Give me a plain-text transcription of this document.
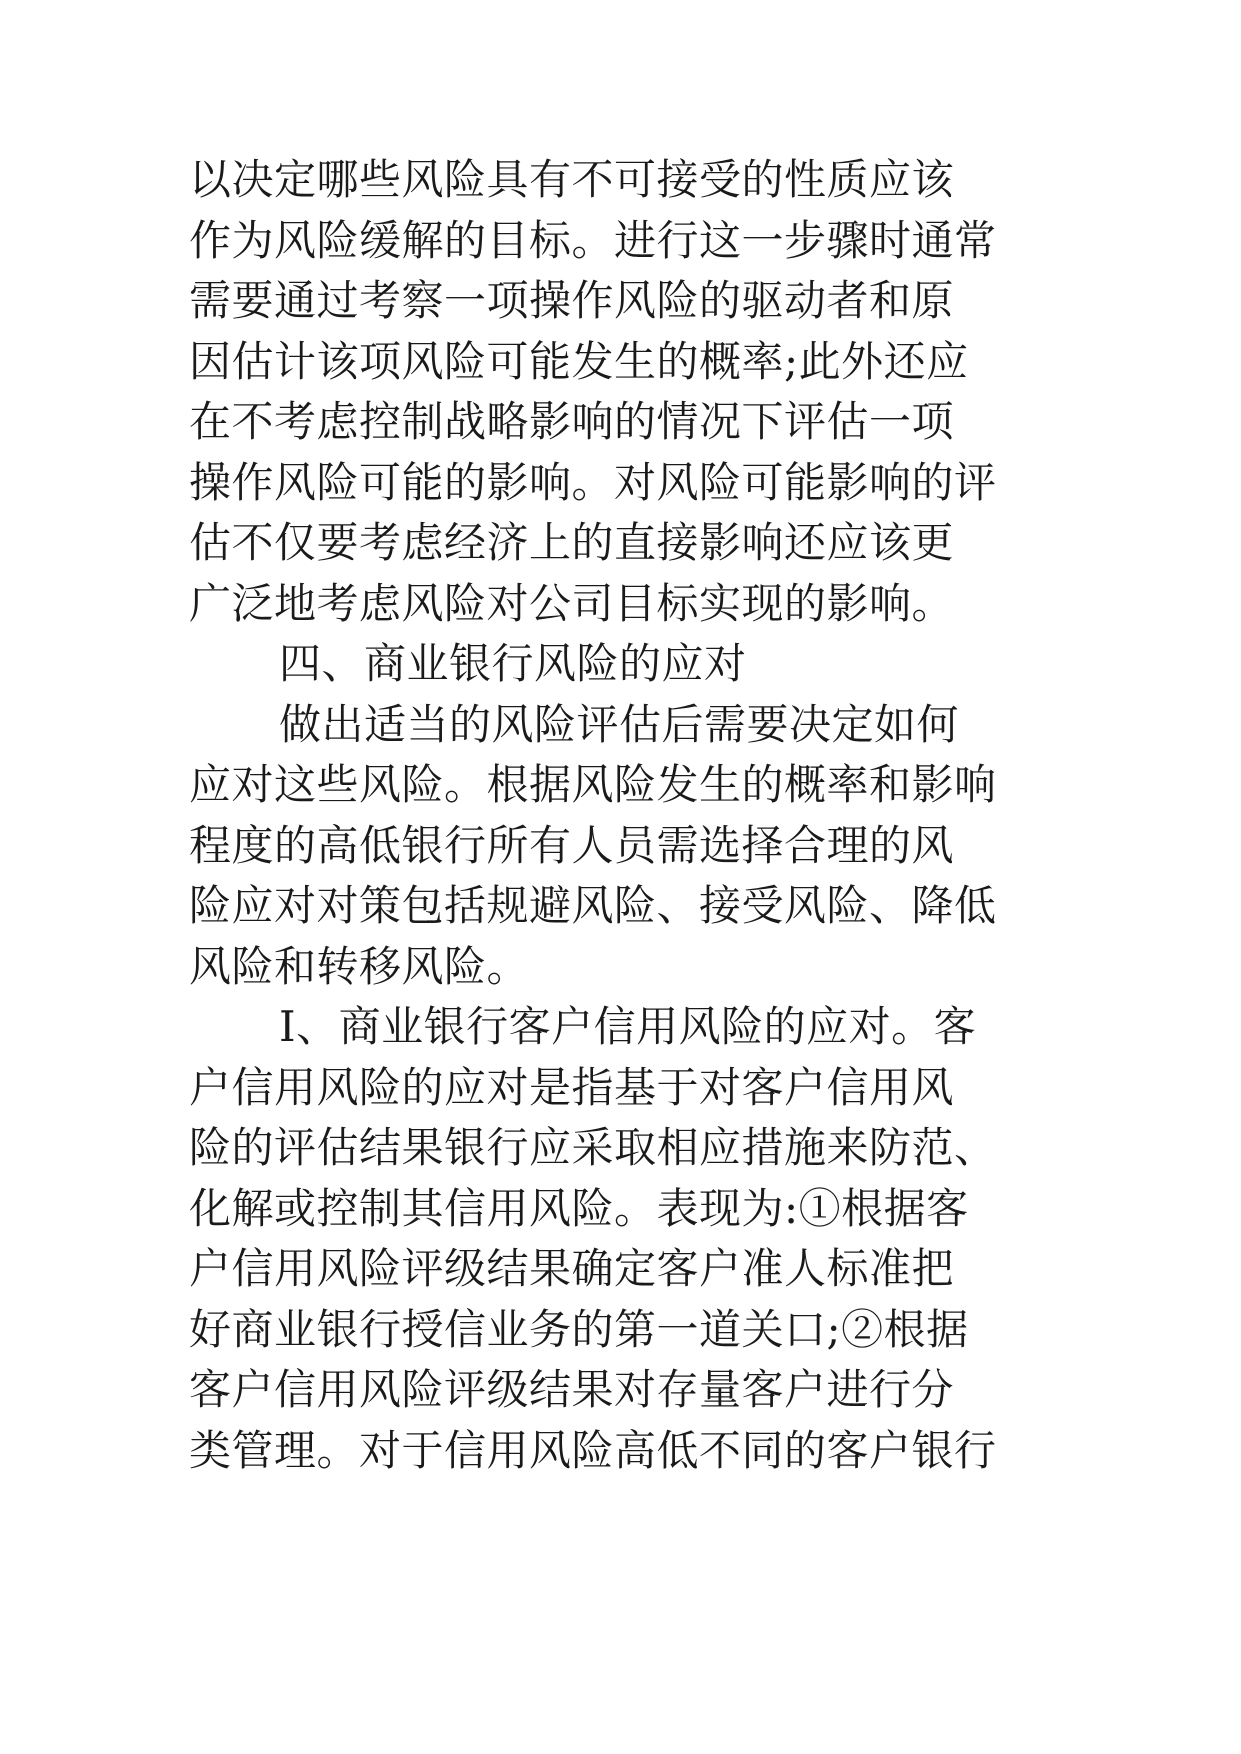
以决定哪些风险具有不可接受的性质应该
作为风险缓解的目标。进行这一步骤时通常
需要通过考察一项操作风险的驱动者和原
因估计该项风险可能发生的概率;此外还应
在不考虑控制战略影响的情况下评估一项
操作风险可能的影响。对风险可能影响的评
估不仅要考虑经济上的直接影响还应该更
广泛地考虑风险对公司目标实现的影响。
四、商业银行风险的应对
做出适当的风险评估后需要决定如何
应对这些风险。根据风险发生的概率和影响
程度的高低银行所有人员需选择合理的风
险应对对策包括规避风险、接受风险、降低
风险和转移风险。
I、商业银行客户信用风险的应对。客
户信用风险的应对是指基于对客户信用风
险的评估结果银行应采取相应措施来防范、
化解或控制其信用风险。表现为:①根据客
户信用风险评级结果确定客户准人标准把
好商业银行授信业务的第一道关口;②根据
客户信用风险评级结果对存量客户进行分
类管理。对于信用风险高低不同的客户银行
